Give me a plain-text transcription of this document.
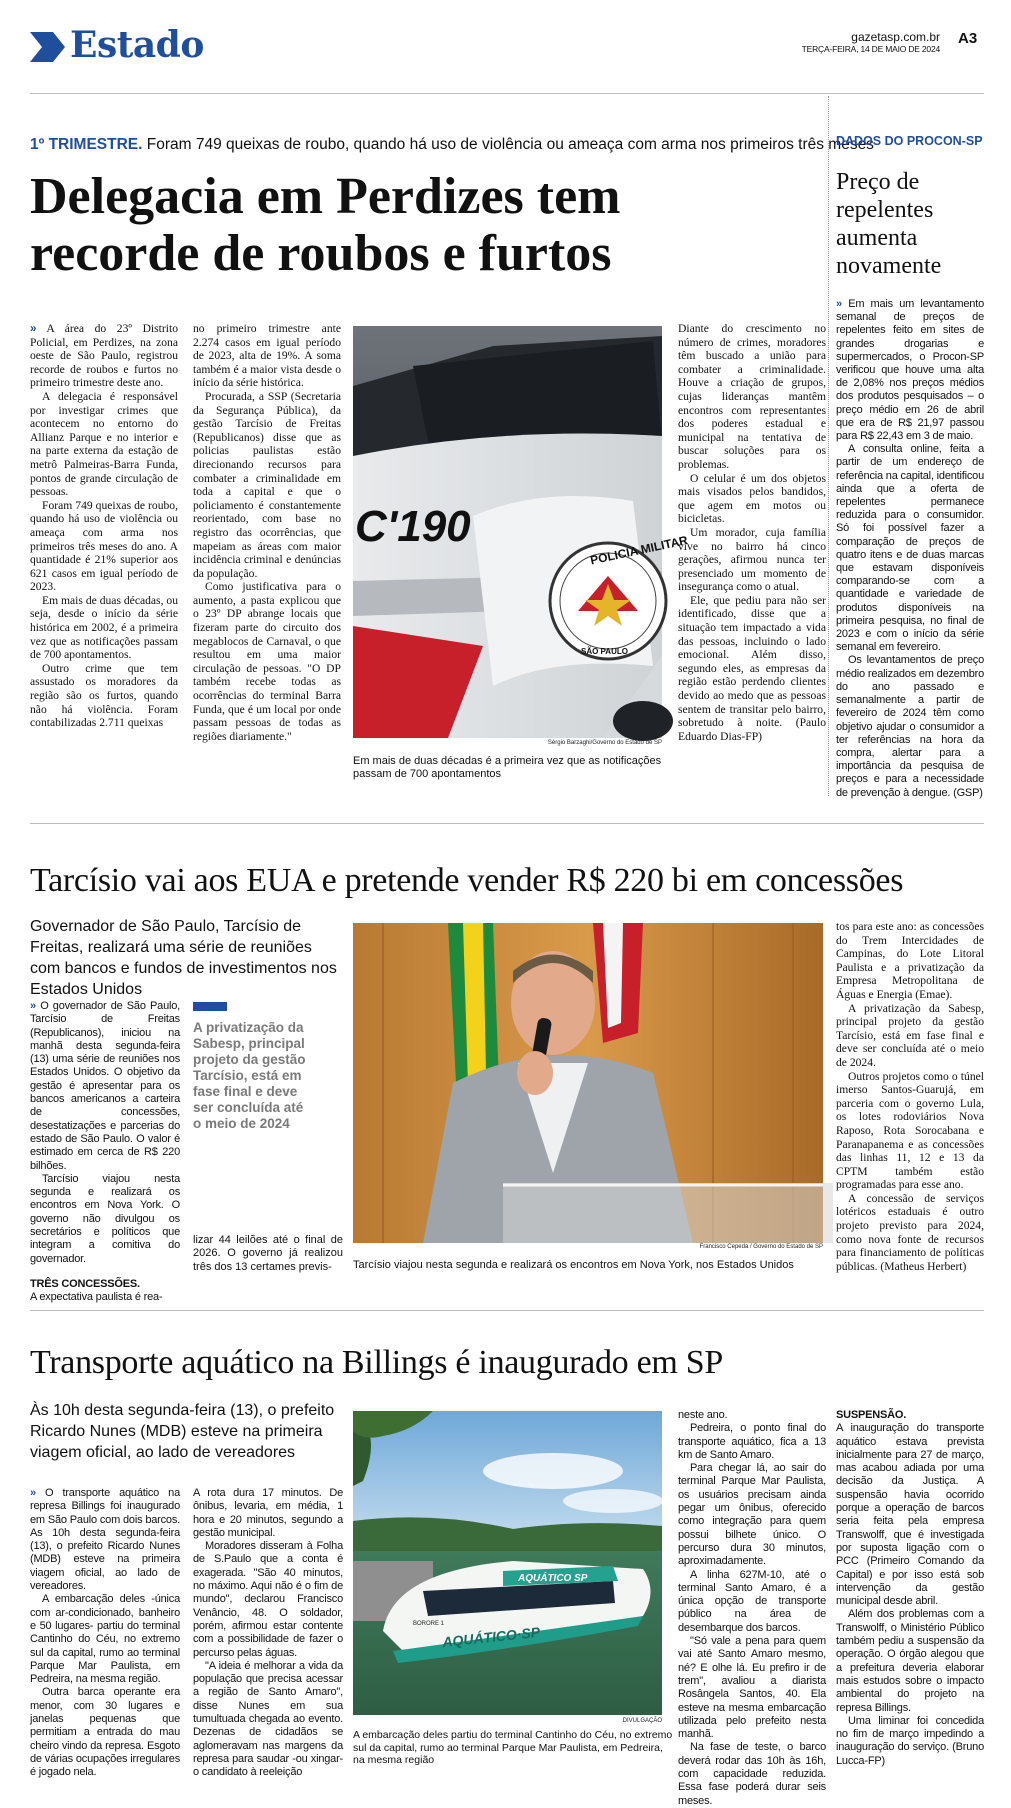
Estado	gazetasp.com.br
TERÇA-FEIRA, 14 DE MAIO DE 2024
A3
1º TRIMESTRE. Foram 749 queixas de roubo, quando há uso de violência ou ameaça com arma nos primeiros três meses
Delegacia em Perdizes tem
recorde de roubos e furtos

» A área do 23º Distrito Policial, em Perdizes, na zona oeste de São Paulo, registrou recorde de roubos e furtos no primeiro trimestre deste ano.

A delegacia é responsável por investigar crimes que acontecem no entorno do Allianz Parque e no interior e na parte externa da estação de metrô Palmeiras-Barra Funda, pontos de grande circulação de pessoas.

Foram 749 queixas de roubo, quando há uso de violência ou ameaça com arma nos primeiros três meses do ano. A quantidade é 21% superior aos 621 casos em igual período de 2023.

Em mais de duas décadas, ou seja, desde o início da série histórica em 2002, é a primeira vez que as notificações passam de 700 apontamentos.

Outro crime que tem assustado os moradores da região são os furtos, quando não há violência. Foram contabilizadas 2.711 queixas

no primeiro trimestre ante 2.274 casos em igual período de 2023, alta de 19%. A soma também é a maior vista desde o início da série histórica.

Procurada, a SSP (Secretaria da Segurança Pública), da gestão Tarcísio de Freitas (Republicanos) disse que as policias paulistas estão direcionando recursos para combater a criminalidade em toda a capital e que o policiamento é constantemente reorientado, com base no registro das ocorrências, que mapeiam as áreas com maior incidência criminal e denúncias da população.

Como justificativa para o aumento, a pasta explicou que o 23º DP abrange locais que fizeram parte do circuito dos megablocos de Carnaval, o que resultou em uma maior circulação de pessoas. "O DP também recebe todas as ocorrências do terminal Barra Funda, que é um local por onde passam pessoas de todas as regiões diariamente."

POLICIA MILITAR
SÃO PAULO
C'190
Sérgio Barzaghi/Governo do Estado de SP
Em mais de duas décadas é a primeira vez que as notificações passam de 700 apontamentos

Diante do crescimento no número de crimes, moradores têm buscado a união para combater a criminalidade. Houve a criação de grupos, cujas lideranças mantêm encontros com representantes dos poderes estadual e municipal na tentativa de buscar soluções para os problemas.

O celular é um dos objetos mais visados pelos bandidos, que agem em motos ou bicicletas.

Um morador, cuja família vive no bairro há cinco gerações, afirmou nunca ter presenciado um momento de insegurança como o atual.

Ele, que pediu para não ser identificado, disse que a situação tem impactado a vida das pessoas, incluindo o lado emocional. Além disso, segundo eles, as empresas da região estão perdendo clientes devido ao medo que as pessoas sentem de transitar pelo bairro, sobretudo à noite. (Paulo Eduardo Dias-FP)

DADOS DO PROCON-SP
Preço de repelentes aumenta novamente

» Em mais um levantamento semanal de preços de repelentes feito em sites de grandes drogarias e supermercados, o Procon-SP verificou que houve uma alta de 2,08% nos preços médios dos produtos pesquisados – o preço médio em 26 de abril que era de R$ 21,97 passou para R$ 22,43 em 3 de maio.

A consulta online, feita a partir de um endereço de referência na capital, identificou ainda que a oferta de repelentes permanece reduzida para o consumidor. Só foi possível fazer a comparação de preços de quatro itens e de duas marcas que estavam disponíveis comparando-se com a quantidade e variedade de produtos disponíveis na primeira pesquisa, no final de 2023 e com o início da série semanal em fevereiro.

Os levantamentos de preço médio realizados em dezembro do ano passado e semanalmente a partir de fevereiro de 2024 têm como objetivo ajudar o consumidor a ter referências na hora da compra, alertar para a importância da pesquisa de preços e para a necessidade de prevenção à dengue. (GSP)

Tarcísio vai aos EUA e pretende vender R$ 220 bi em concessões
Governador de São Paulo, Tarcísio de Freitas, realizará uma série de reuniões com bancos e fundos de investimentos nos Estados Unidos

» O governador de São Paulo, Tarcísio de Freitas (Republicanos), iniciou na manhã desta segunda-feira (13) uma série de reuniões nos Estados Unidos. O objetivo da gestão é apresentar para os bancos americanos a carteira de concessões, desestatizações e parcerias do estado de São Paulo. O valor é estimado em cerca de R$ 220 bilhões.

Tarcísio viajou nesta segunda e realizará os encontros em Nova York. O governo não divulgou os secretários e políticos que integram a comitiva do governador.

TRÊS CONCESSÕES.

A expectativa paulista é rea-

A privatização da Sabesp, principal projeto da gestão Tarcísio, está em fase final e deve ser concluída até o meio de 2024

lizar 44 leilões até o final de 2026. O governo já realizou três dos 13 certames previs-

Francisco Cepeda / Governo do Estado de SP
Tarcísio viajou nesta segunda e realizará os encontros em Nova York, nos Estados Unidos

tos para este ano: as concessões do Trem Intercidades de Campinas, do Lote Litoral Paulista e a privatização da Empresa Metropolitana de Águas e Energia (Emae).

A privatização da Sabesp, principal projeto da gestão Tarcísio, está em fase final e deve ser concluída até o meio de 2024.

Outros projetos como o túnel imerso Santos-Guarujá, em parceria com o governo Lula, os lotes rodoviários Nova Raposo, Rota Sorocabana e Paranapanema e as concessões das linhas 11, 12 e 13 da CPTM também estão programadas para esse ano.

A concessão de serviços lotéricos estaduais é outro projeto previsto para 2024, como nova fonte de recursos para financiamento de políticas públicas. (Matheus Herbert)

Transporte aquático na Billings é inaugurado em SP
Às 10h desta segunda-feira (13), o prefeito Ricardo Nunes (MDB) esteve na primeira viagem oficial, ao lado de vereadores

» O transporte aquático na represa Billings foi inaugurado em São Paulo com dois barcos. As 10h desta segunda-feira (13), o prefeito Ricardo Nunes (MDB) esteve na primeira viagem oficial, ao lado de vereadores.

A embarcação deles -única com ar-condicionado, banheiro e 50 lugares- partiu do terminal Cantinho do Céu, no extremo sul da capital, rumo ao terminal Parque Mar Paulista, em Pedreira, na mesma região.

Outra barca operante era menor, com 30 lugares e janelas pequenas que permitiam a entrada do mau cheiro vindo da represa. Esgoto de várias ocupações irregulares é jogado nela.

A rota dura 17 minutos. De ônibus, levaria, em média, 1 hora e 20 minutos, segundo a gestão municipal.

Moradores disseram à Folha de S.Paulo que a conta é exagerada. "São 40 minutos, no máximo. Aqui não é o fim de mundo", declarou Francisco Venâncio, 48. O soldador, porém, afirmou estar contente com a possibilidade de fazer o percurso pelas águas.

"A ideia é melhorar a vida da população que precisa acessar a região de Santo Amaro", disse Nunes em sua tumultuada chegada ao evento. Dezenas de cidadãos se aglomeravam nas margens da represa para saudar -ou xingar- o candidato à reeleição

AQUÁTICO SP
AQUÁTICO·SP
BORORE 1
DIVULGAÇÃO
A embarcação deles partiu do terminal Cantinho do Céu, no extremo sul da capital, rumo ao terminal Parque Mar Paulista, em Pedreira, na mesma região

neste ano.

Pedreira, o ponto final do transporte aquático, fica a 13 km de Santo Amaro.

Para chegar lá, ao sair do terminal Parque Mar Paulista, os usuários precisam ainda pegar um ônibus, oferecido como integração para quem possui bilhete único. O percurso dura 30 minutos, aproximadamente.

A linha 627M-10, até o terminal Santo Amaro, é a única opção de transporte público na área de desembarque dos barcos.

"Só vale a pena para quem vai até Santo Amaro mesmo, né? E olhe lá. Eu prefiro ir de trem", avaliou a diarista Rosângela Santos, 40. Ela esteve na mesma embarcação utilizada pelo prefeito nesta manhã.

Na fase de teste, o barco deverá rodar das 10h às 16h, com capacidade reduzida. Essa fase poderá durar seis meses.

SUSPENSÃO.

A inauguração do transporte aquático estava prevista inicialmente para 27 de março, mas acabou adiada por uma decisão da Justiça. A suspensão havia ocorrido porque a operação de barcos seria feita pela empresa Transwolff, que é investigada por suposta ligação com o PCC (Primeiro Comando da Capital) e por isso está sob intervenção da gestão municipal desde abril.

Além dos problemas com a Transwolff, o Ministério Público também pediu a suspensão da operação. O órgão alegou que a prefeitura deveria elaborar mais estudos sobre o impacto ambiental do projeto na represa Billings.

Uma liminar foi concedida no fim de março impedindo a inauguração do serviço. (Bruno Lucca-FP)
